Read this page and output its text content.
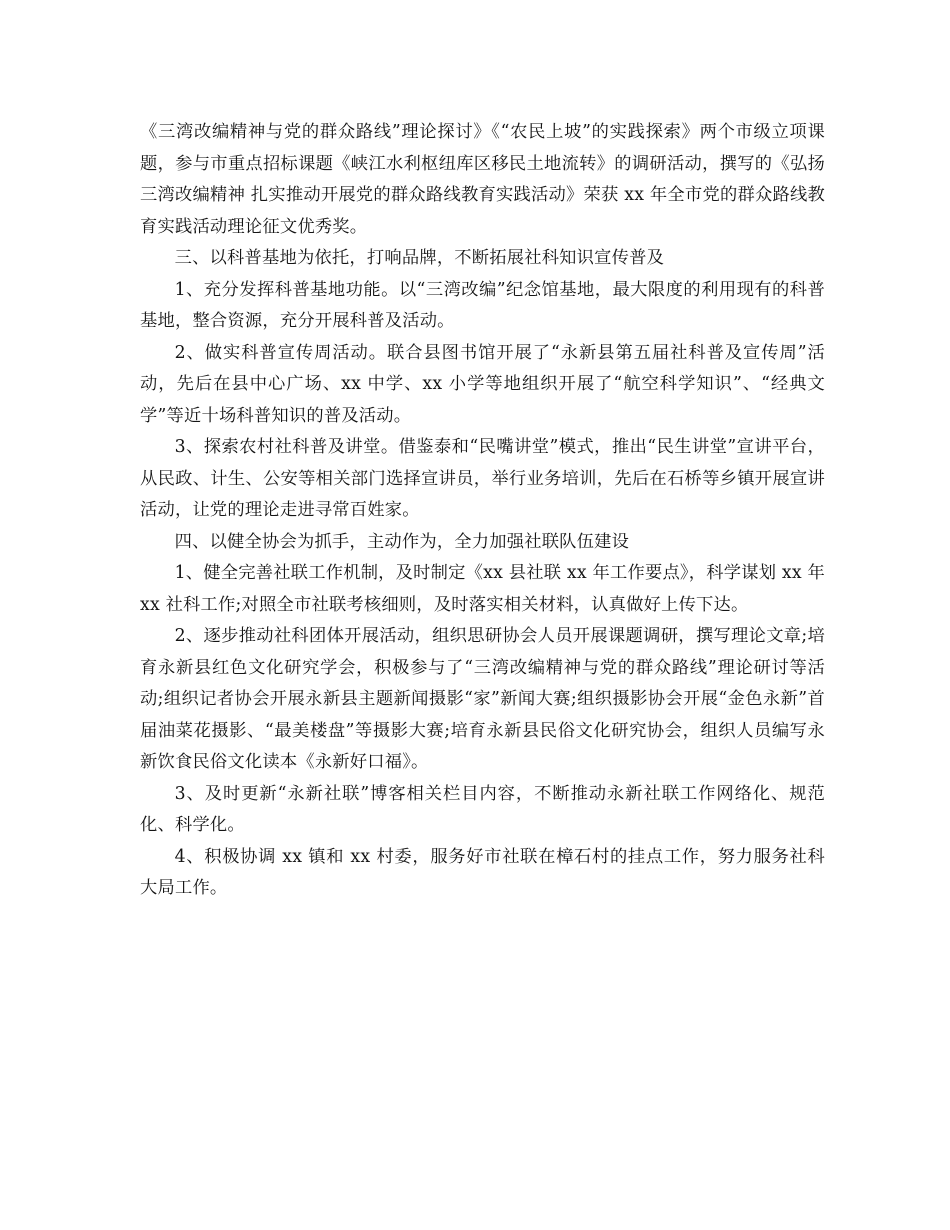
《三湾改编精神与党的群众路线”理论探讨》《“农民上坡”的实践探索》两个市级立项课题，参与市重点招标课题《峡江水利枢纽库区移民土地流转》的调研活动，撰写的《弘扬三湾改编精神 扎实推动开展党的群众路线教育实践活动》荣获 xx 年全市党的群众路线教育实践活动理论征文优秀奖。

三、以科普基地为依托，打响品牌，不断拓展社科知识宣传普及

1、充分发挥科普基地功能。以“三湾改编”纪念馆基地，最大限度的利用现有的科普基地，整合资源，充分开展科普及活动。

2、做实科普宣传周活动。联合县图书馆开展了“永新县第五届社科普及宣传周”活动，先后在县中心广场、xx 中学、xx 小学等地组织开展了“航空科学知识”、“经典文学”等近十场科普知识的普及活动。

3、探索农村社科普及讲堂。借鉴泰和“民嘴讲堂”模式，推出“民生讲堂”宣讲平台，从民政、计生、公安等相关部门选择宣讲员，举行业务培训，先后在石桥等乡镇开展宣讲活动，让党的理论走进寻常百姓家。

四、以健全协会为抓手，主动作为，全力加强社联队伍建设

1、健全完善社联工作机制，及时制定《xx 县社联 xx 年工作要点》，科学谋划 xx 年 xx 社科工作;对照全市社联考核细则，及时落实相关材料，认真做好上传下达。

2、逐步推动社科团体开展活动，组织思研协会人员开展课题调研，撰写理论文章;培育永新县红色文化研究学会，积极参与了“三湾改编精神与党的群众路线”理论研讨等活动;组织记者协会开展永新县主题新闻摄影“家”新闻大赛;组织摄影协会开展“金色永新”首届油菜花摄影、“最美楼盘”等摄影大赛;培育永新县民俗文化研究协会，组织人员编写永新饮食民俗文化读本《永新好口福》。

3、及时更新“永新社联”博客相关栏目内容，不断推动永新社联工作网络化、规范化、科学化。

4、积极协调 xx 镇和 xx 村委，服务好市社联在樟石村的挂点工作，努力服务社科大局工作。
